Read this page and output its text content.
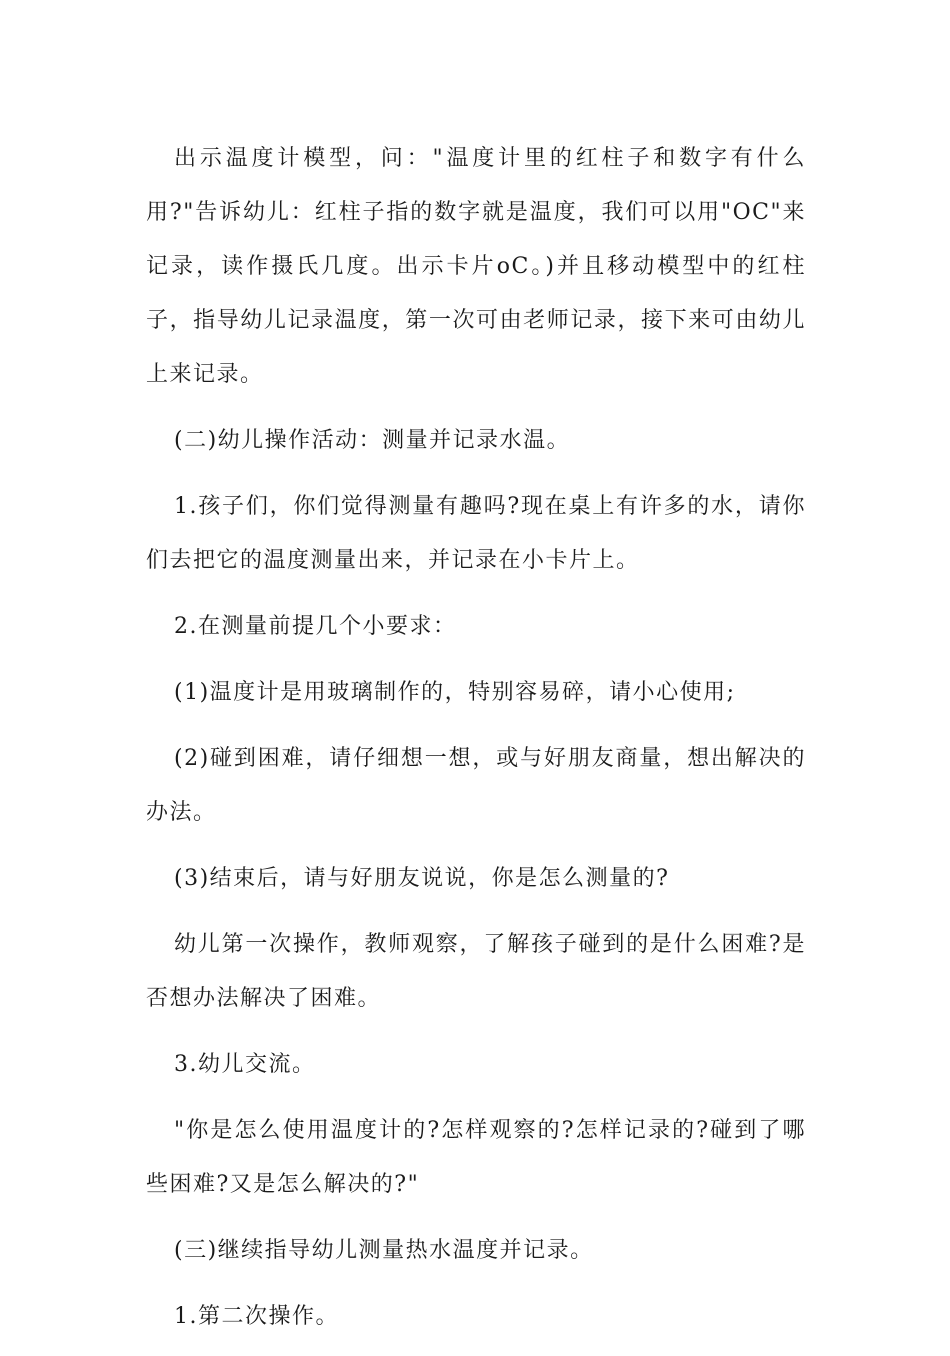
出示温度计模型，问："温度计里的红柱子和数字有什么用?"告诉幼儿：红柱子指的数字就是温度，我们可以用"OC"来记录，读作摄氏几度。出示卡片oC。)并且移动模型中的红柱子，指导幼儿记录温度，第一次可由老师记录，接下来可由幼儿上来记录。

(二)幼儿操作活动：测量并记录水温。

1.孩子们，你们觉得测量有趣吗?现在桌上有许多的水，请你们去把它的温度测量出来，并记录在小卡片上。

2.在测量前提几个小要求：

(1)温度计是用玻璃制作的，特别容易碎，请小心使用;

(2)碰到困难，请仔细想一想，或与好朋友商量，想出解决的办法。

(3)结束后，请与好朋友说说，你是怎么测量的?

幼儿第一次操作，教师观察，了解孩子碰到的是什么困难?是否想办法解决了困难。

3.幼儿交流。

"你是怎么使用温度计的?怎样观察的?怎样记录的?碰到了哪些困难?又是怎么解决的?"

(三)继续指导幼儿测量热水温度并记录。

1.第二次操作。
